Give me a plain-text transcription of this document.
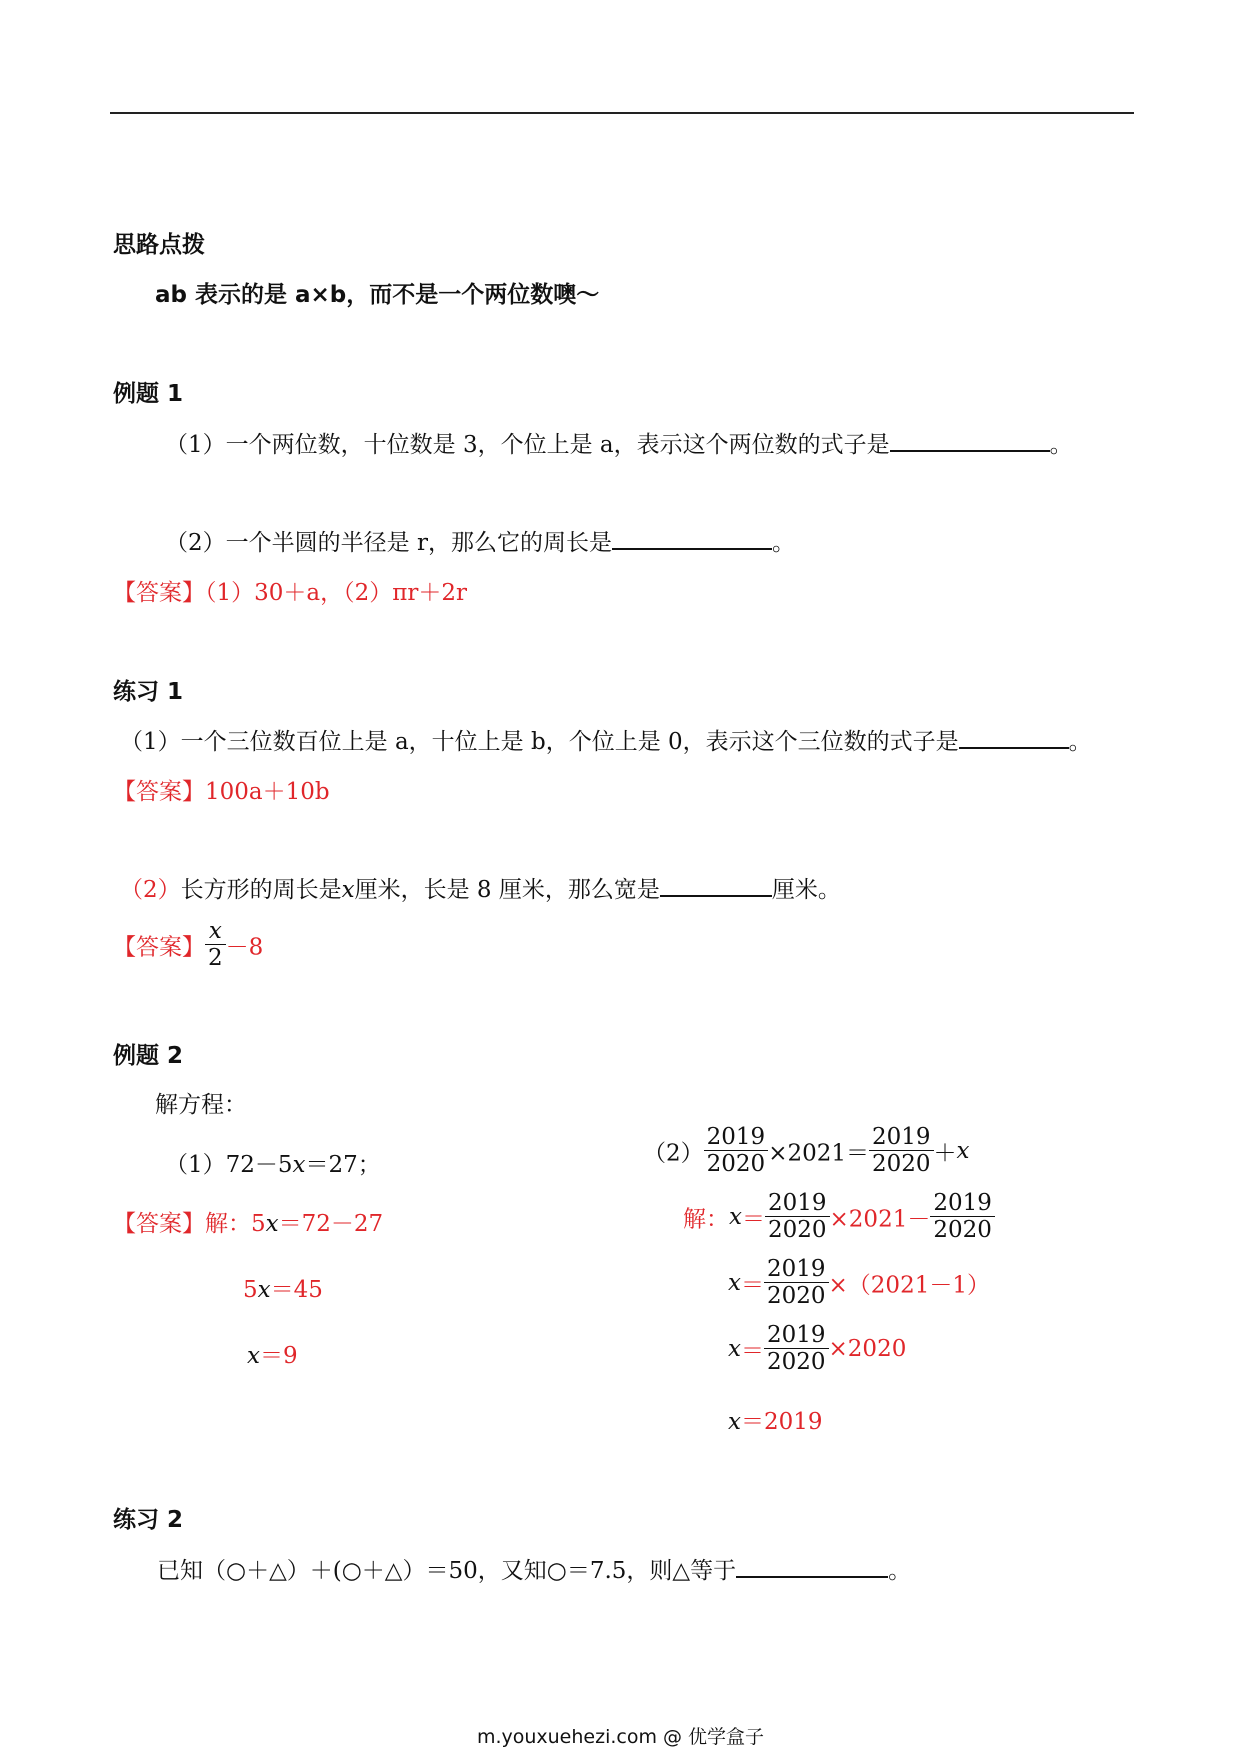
思路点拨
ab 表示的是 a×b，而不是一个两位数噢～
例题 1
（1）一个两位数，十位数是 3，个位上是 a，表示这个两位数的式子是	。
（2）一个半圆的半径是 r，那么它的周长是	。
【答案】（1）30＋a，（2）πr＋2r
练习 1
（1）一个三位数百位上是 a，十位上是 b，个位上是 0，表示这个三位数的式子是	。
【答案】100a＋10b
（2）长方形的周长是x厘米，长是 8 厘米，那么宽是	厘米。
【答案】 $\frac{x}{2} -8$
例题 2
解方程：
（1）72－5x＝27；	$(2) \frac{2019}{2020} \times 2021= \frac{2019}{2020} +x$
【答案】解：5x＝72－27
5x＝45
x＝9
解：$x= \frac{2019}{2020} \times 2021- \frac{2019}{2020}$
$x= \frac{2019}{2020} \times(2021-1)$
$x= \frac{2019}{2020} \times 2020$
x＝2019
练习 2
已知（○＋△）＋(○＋△）＝50，又知○＝7.5，则△等于	。
m.youxuehezi.com @ 优学盒子
